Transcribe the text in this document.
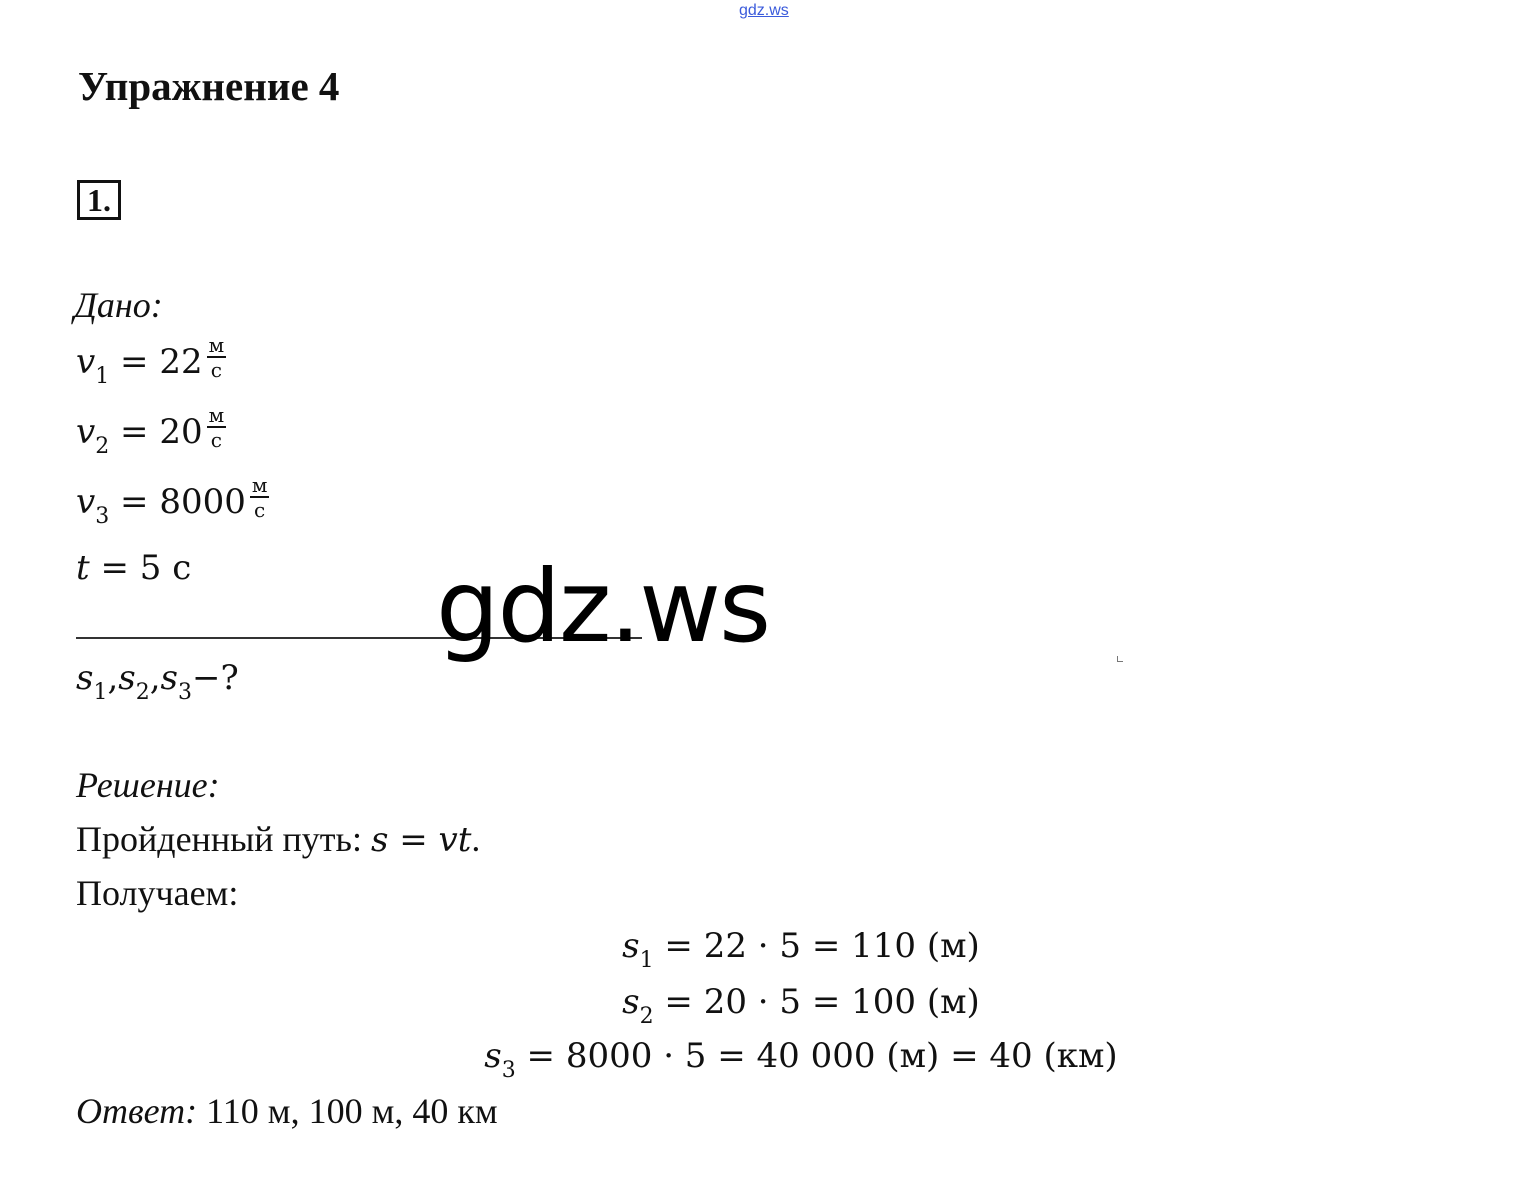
gdz.ws
Упражнение 4
1.
Дано:
$v_1 = 22 \frac{м}{с}$
$v_2 = 20 \frac{м}{с}$
$v_3 = 8000 \frac{м}{с}$
t = 5 с
$s_1,s_2,s_3-$?
Решение:
Пройденный путь: s = vt.
Получаем:
$s_1 = 22 \cdot 5 = 110$ (м)
$s_2 = 20 \cdot 5 = 100$ (м)
$s_3 = 8000 \cdot 5 = 40$ 000 (м) = 40 (км)
Ответ: 110 м, 100 м, 40 км
gdz.ws
